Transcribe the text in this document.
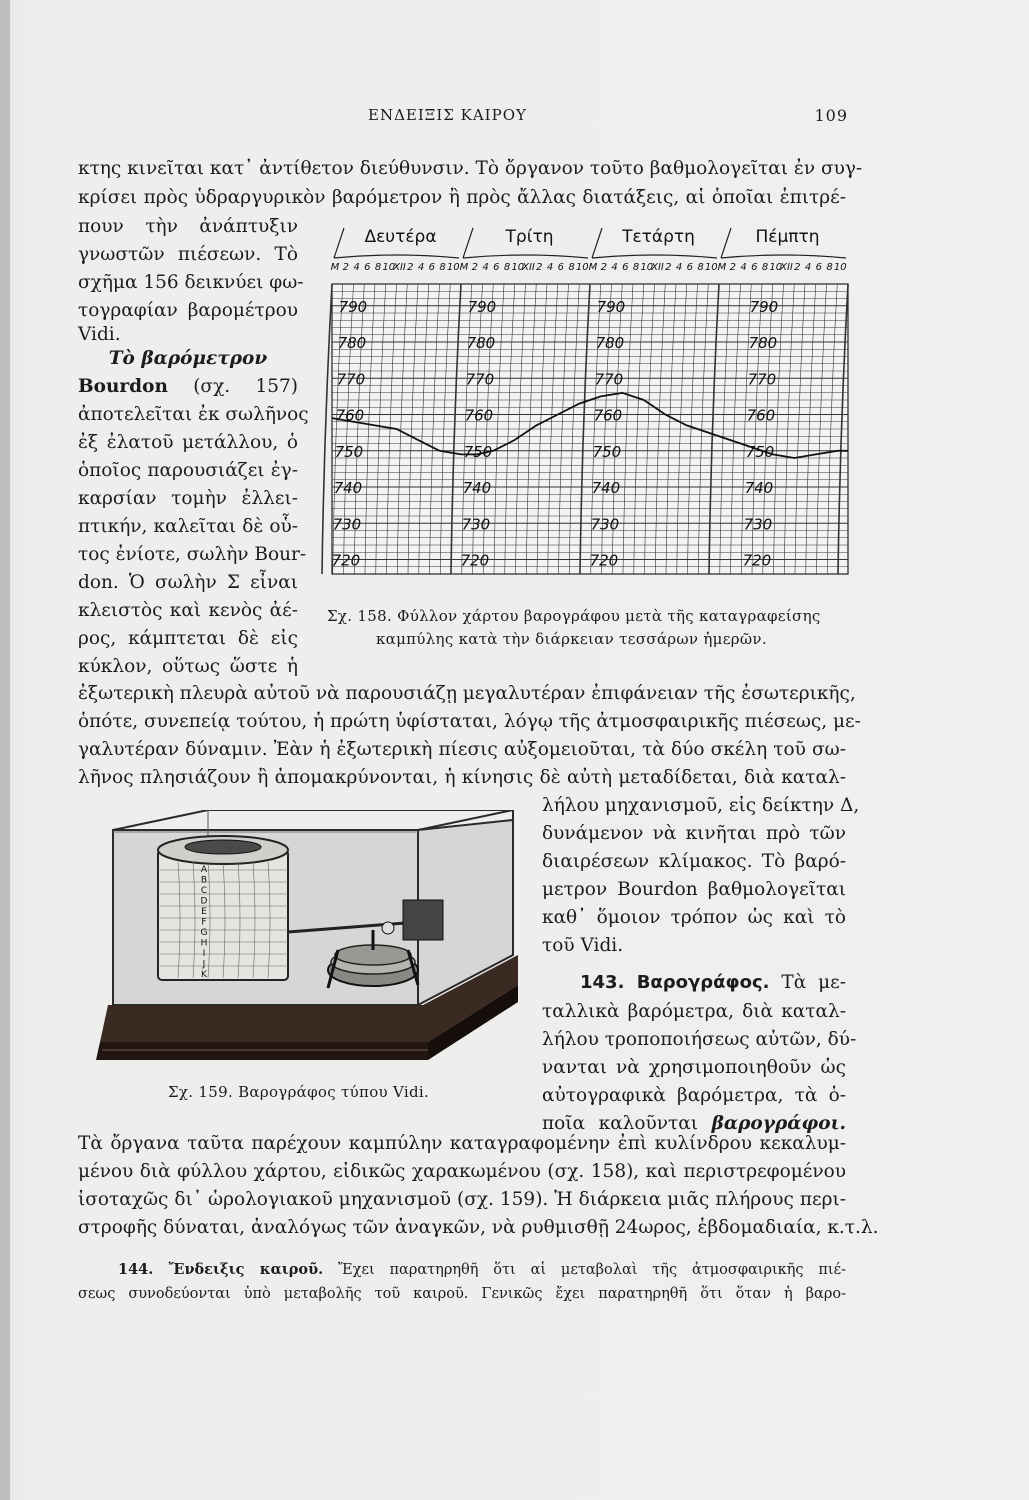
ΕΝΔΕΙΞΙΣ ΚΑΙΡΟΥ	109
κτης κινεῖται κατ᾿ ἀντίθετον διεύθυνσιν. Τὸ ὄργανον τοῦτο βαθμολογεῖται ἐν συγ-
κρίσει πρὸς ὑδραργυρικὸν βαρόμετρον ἢ πρὸς ἄλλας διατάξεις, αἱ ὁποῖαι ἐπιτρέ-
πουν τὴν ἀνάπτυξιν
γνωστῶν πιέσεων. Τὸ
σχῆμα 156 δεικνύει φω-
τογραφίαν βαρομέτρου
Vidi.
Τὸ βαρόμετρον
Bourdon (σχ. 157)
ἀποτελεῖται ἐκ σωλῆνος
ἐξ ἐλατοῦ μετάλλου, ὁ
ὁποῖος παρουσιάζει ἐγ-
καρσίαν τομὴν ἐλλει-
πτικήν, καλεῖται δὲ οὗ-
τος ἐνίοτε, σωλὴν Bour-
don. Ὁ σωλὴν Σ εἶναι
κλειστὸς καὶ κενὸς ἀέ-
ρος, κάμπτεται δὲ εἰς
κύκλον, οὕτως ὥστε ἡ
Δευτέρα	Τρίτη	Τετάρτη	Πέμπτη
M 2 4 6 8 10
XII 2 4 6 8 10 M 2 4 6 8 10
XII 2 4 6 8 10 M 2 4 6 8 10
XII 2 4 6 8 10 M 2 4 6 8 10
XII 2 4 6 8 10
790
780
770
760
750
740
730
720
790
780
770
760
750
740
730
720
790
780
770
760
750
740
730
720
790
780
770
760
750
740
730
720
Σχ. 158. Φύλλον χάρτου βαρογράφου μετὰ τῆς καταγραφείσης
καμπύλης κατὰ τὴν διάρκειαν τεσσάρων ἡμερῶν.
ἐξωτερικὴ πλευρὰ αὐτοῦ νὰ παρουσιάζῃ μεγαλυτέραν ἐπιφάνειαν τῆς ἐσωτερικῆς,
ὁπότε, συνεπείᾳ τούτου, ἡ πρώτη ὑφίσταται, λόγῳ τῆς ἀτμοσφαιρικῆς πιέσεως, με-
γαλυτέραν δύναμιν. Ἐὰν ἡ ἐξωτερικὴ πίεσις αὐξομειοῦται, τὰ δύο σκέλη τοῦ σω-
λῆνος πλησιάζουν ἢ ἀπομακρύνονται, ἡ κίνησις δὲ αὐτὴ μεταδίδεται, διὰ καταλ-
λήλου μηχανισμοῦ, εἰς δείκτην Δ,
δυνάμενον νὰ κινῆται πρὸ τῶν
διαιρέσεων κλίμακος. Τὸ βαρό-
μετρον Bourdon βαθμολογεῖται
καθ᾿ ὅμοιον τρόπον ὡς καὶ τὸ
τοῦ Vidi.
143. Βαρογράφος. Τὰ με-
ταλλικὰ βαρόμετρα, διὰ καταλ-
λήλου τροποποιήσεως αὐτῶν, δύ-
νανται νὰ χρησιμοποιηθοῦν ὡς
αὐτογραφικὰ βαρόμετρα, τὰ ὁ-
ποῖα καλοῦνται βαρογράφοι.
A
B
C
D
E
F
G
H
I
J
K
Σχ. 159. Βαρογράφος τύπου Vidi.
Τὰ ὄργανα ταῦτα παρέχουν καμπύλην καταγραφομένην ἐπὶ κυλίνδρου κεκαλυμ-
μένου διὰ φύλλου χάρτου, εἰδικῶς χαρακωμένου (σχ. 158), καὶ περιστρεφομένου
ἰσοταχῶς δι᾿ ὡρολογιακοῦ μηχανισμοῦ (σχ. 159). Ἡ διάρκεια μιᾶς πλήρους περι-
στροφῆς δύναται, ἀναλόγως τῶν ἀναγκῶν, νὰ ρυθμισθῇ 24ωρος, ἑβδομαδιαία, κ.τ.λ.
144. Ἔνδειξις καιροῦ. Ἔχει παρατηρηθῆ ὅτι αἱ μεταβολαὶ τῆς ἀτμοσφαιρικῆς πιέ-
σεως συνοδεύονται ὑπὸ μεταβολῆς τοῦ καιροῦ. Γενικῶς ἔχει παρατηρηθῆ ὅτι ὅταν ἡ βαρο-
